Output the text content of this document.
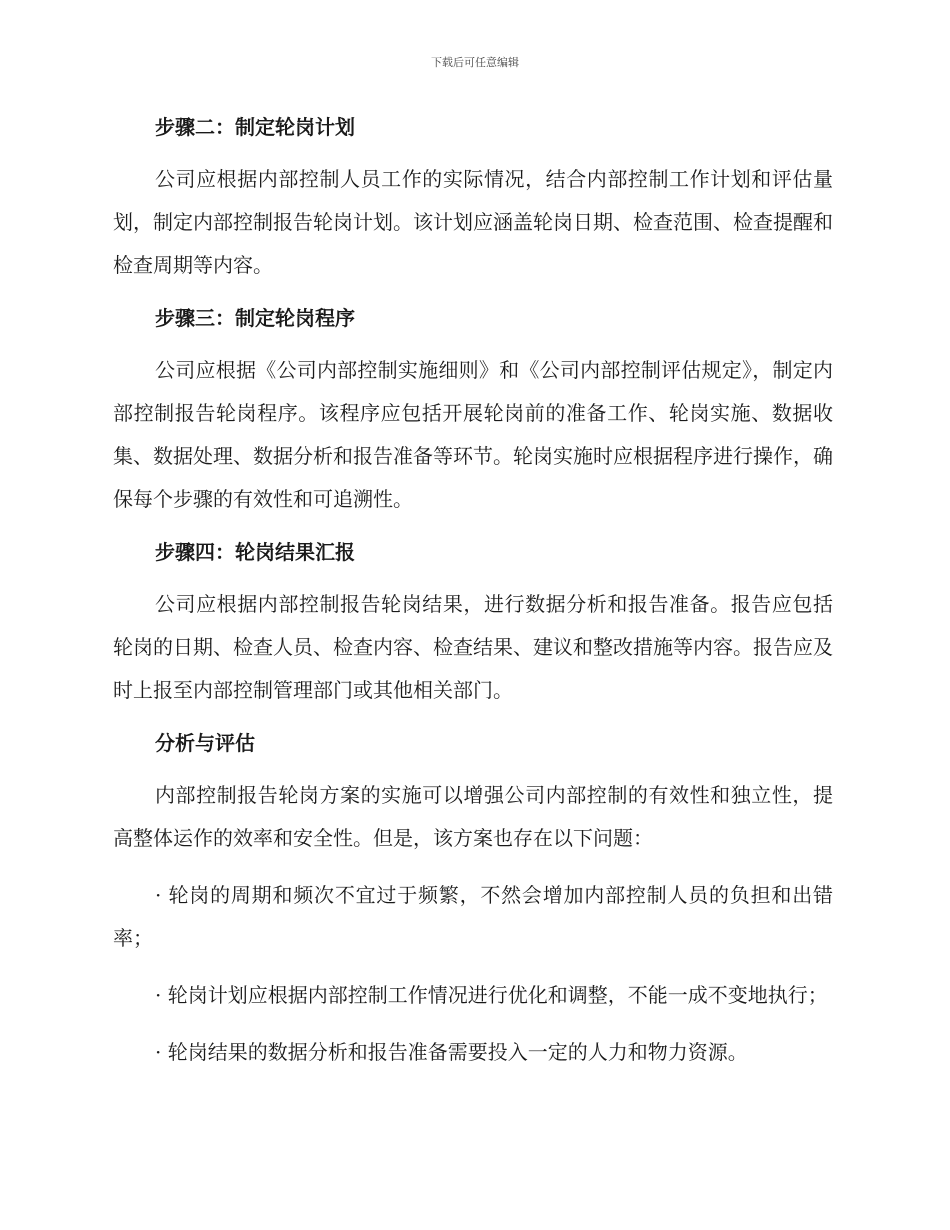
下载后可任意编辑
步骤二：制定轮岗计划

公司应根据内部控制人员工作的实际情况，结合内部控制工作计划和评估量划，制定内部控制报告轮岗计划。该计划应涵盖轮岗日期、检查范围、检查提醒和检查周期等内容。

步骤三：制定轮岗程序

公司应根据《公司内部控制实施细则》和《公司内部控制评估规定》，制定内部控制报告轮岗程序。该程序应包括开展轮岗前的准备工作、轮岗实施、数据收集、数据处理、数据分析和报告准备等环节。轮岗实施时应根据程序进行操作，确保每个步骤的有效性和可追溯性。

步骤四：轮岗结果汇报

公司应根据内部控制报告轮岗结果，进行数据分析和报告准备。报告应包括轮岗的日期、检查人员、检查内容、检查结果、建议和整改措施等内容。报告应及时上报至内部控制管理部门或其他相关部门。

分析与评估

内部控制报告轮岗方案的实施可以增强公司内部控制的有效性和独立性，提高整体运作的效率和安全性。但是，该方案也存在以下问题：

· 轮岗的周期和频次不宜过于频繁，不然会增加内部控制人员的负担和出错率；

· 轮岗计划应根据内部控制工作情况进行优化和调整，不能一成不变地执行；

· 轮岗结果的数据分析和报告准备需要投入一定的人力和物力资源。
